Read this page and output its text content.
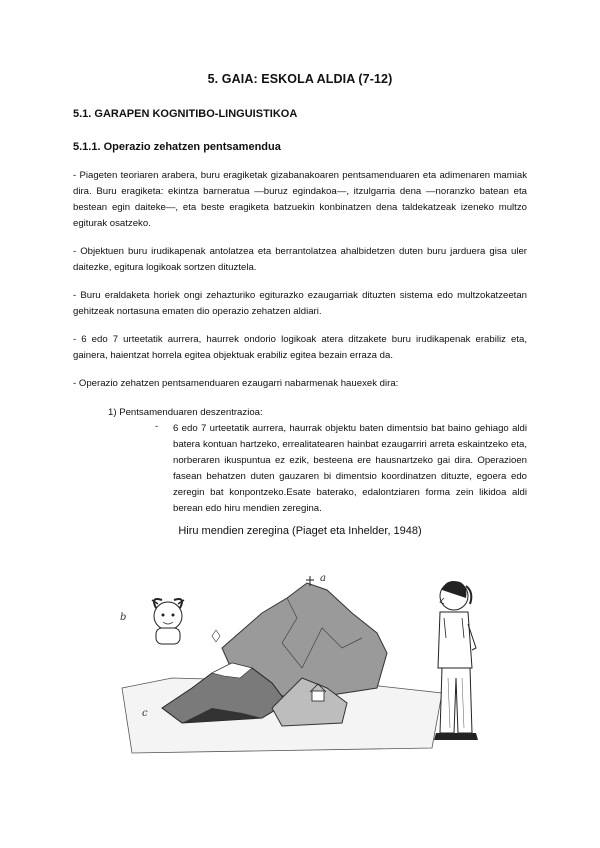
5. GAIA: ESKOLA ALDIA (7-12)
5.1. GARAPEN KOGNITIBO-LINGUISTIKOA
5.1.1. Operazio zehatzen pentsamendua
- Piageten teoriaren arabera, buru eragiketak gizabanakoaren pentsamenduaren eta adimenaren mamiak dira. Buru eragiketa: ekintza barneratua —buruz egindakoa—, itzulgarria dena —noranzko batean eta bestean egin daiteke—, eta beste eragiketa batzuekin konbinatzen dena taldekatzeak izeneko multzo egiturak osatzeko.
- Objektuen buru irudikapenak antolatzea eta berrantolatzea ahalbidetzen duten buru jarduera gisa uler daitezke, egitura logikoak sortzen dituztela.
- Buru eraldaketa horiek ongi zehazturiko egiturazko ezaugarriak dituzten sistema edo multzokatzeetan gehitzeak nortasuna ematen dio operazio zehatzen aldiari.
- 6 edo 7 urteetatik aurrera, haurrek ondorio logikoak atera ditzakete buru irudikapenak erabiliz eta, gainera, haientzat horrela egitea objektuak erabiliz egitea bezain erraza da.
- Operazio zehatzen pentsamenduaren ezaugarri nabarmenak hauexek dira:
1) Pentsamenduaren deszentrazioa:
- 6 edo 7 urteetatik aurrera, haurrak objektu baten dimentsio bat baino gehiago aldi batera kontuan hartzeko, errealitatearen hainbat ezaugarriri arreta eskaintzeko eta, norberaren ikuspuntua ez ezik, besteena ere hausnartzeko gai dira. Operazioen fasean behatzen duten gauzaren bi dimentsio koordinatzen dituzte, egoera edo zeregin bat konpontzeko.Esate baterako, edalontziaren forma zein likidoa aldi berean edo hiru mendien zeregina.
Hiru mendien zeregina (Piaget eta Inhelder, 1948)
a
b
c
